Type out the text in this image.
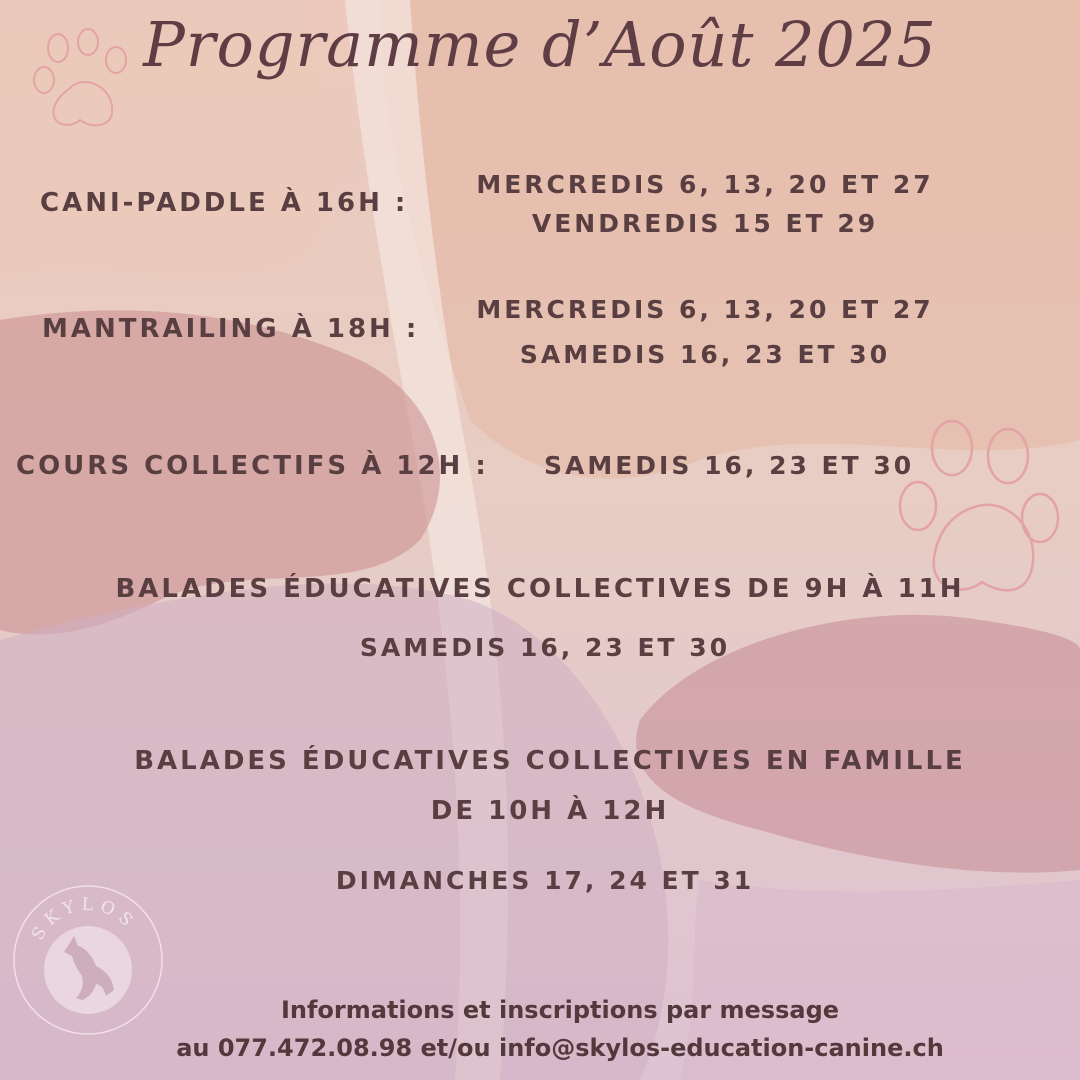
Programme d’Août 2025

CANI-PADDLE À 16H :

MERCREDIS 6, 13, 20 ET 27

VENDREDIS 15 ET 29

MANTRAILING À 18H :

MERCREDIS 6, 13, 20 ET 27

SAMEDIS 16, 23 ET 30

COURS COLLECTIFS À 12H : SAMEDIS 16, 23 ET 30

BALADES ÉDUCATIVES COLLECTIVES DE 9H À 11H

SAMEDIS 16, 23 ET 30

BALADES ÉDUCATIVES COLLECTIVES EN FAMILLE

DE 10H À 12H

DIMANCHES 17, 24 ET 31

SKYLOS

Informations et inscriptions par message

au 077.472.08.98 et/ou info@skylos-education-canine.ch
